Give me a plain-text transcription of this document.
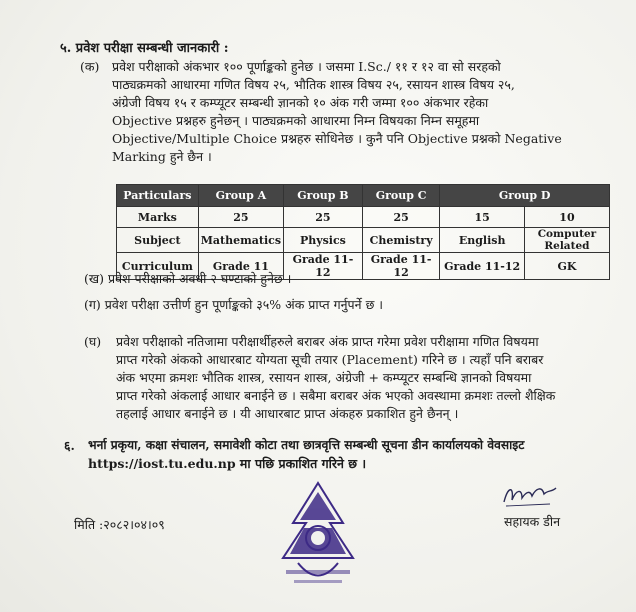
५. प्रवेश परीक्षा सम्बन्धी जानकारी :
(क) प्रवेश परीक्षाको अंकभार १०० पूर्णाङ्कको हुनेछ । जसमा I.Sc./ ११ र १२ वा सो सरहको
पाठ्यक्रमको आधारमा गणित विषय २५, भौतिक शास्त्र विषय २५, रसायन शास्त्र विषय २५,
अंग्रेजी विषय १५ र कम्प्यूटर सम्बन्धी ज्ञानको १० अंक गरी जम्मा १०० अंकभार रहेका
Objective प्रश्नहरु हुनेछन् । पाठ्यक्रमको आधारमा निम्न विषयका निम्न समूहमा
Objective/Multiple Choice प्रश्नहरु सोधिनेछ । कुनै पनि Objective प्रश्नको Negative
Marking हुने छैन ।
Particulars	Group A	Group B	Group C	Group D	
Marks	25	25	25	15	10
Subject	Mathematics	Physics	Chemistry	English	Computer Related
Curriculum	Grade 11	Grade 11-12	Grade 11-12	Grade 11-12	GK
(ख) प्रवेश परीक्षाको अवधी २ घण्टाको हुनेछ ।
(ग) प्रवेश परीक्षा उत्तीर्ण हुन पूर्णाङ्कको ३५% अंक प्राप्त गर्नुपर्ने छ ।
(घ) प्रवेश परीक्षाको नतिजामा परीक्षार्थीहरुले बराबर अंक प्राप्त गरेमा प्रवेश परीक्षामा गणित विषयमा
प्राप्त गरेको अंकको आधारबाट योग्यता सूची तयार (Placement) गरिने छ । त्यहाँ पनि बराबर
अंक भएमा क्रमशः भौतिक शास्त्र, रसायन शास्त्र, अंग्रेजी + कम्प्यूटर सम्बन्धि ज्ञानको विषयमा
प्राप्त गरेको अंकलाई आधार बनाईने छ । सबैमा बराबर अंक भएको अवस्थामा क्रमशः तल्लो शैक्षिक
तहलाई आधार बनाईने छ । यी आधारबाट प्राप्त अंकहरु प्रकाशित हुने छैनन् ।
६. भर्ना प्रकृया, कक्षा संचालन, समावेशी कोटा तथा छात्रवृत्ति सम्बन्धी सूचना डीन कार्यालयको वेवसाइट
https://iost.tu.edu.np मा पछि प्रकाशित गरिने छ ।
मिति :२०८२।०४।०९	सहायक डीन
